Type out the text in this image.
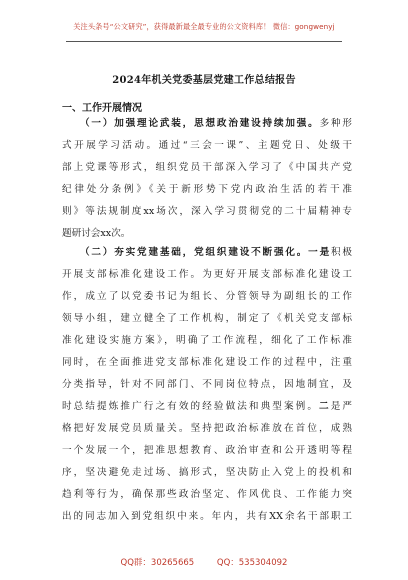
关注头条号“公文研究”，获得最新最全最专业的公文资料库！ 微信：gongwenyj
2024年机关党委基层党建工作总结报告
一、工作开展情况
（一）加强理论武装，思想政治建设持续加强。多种形
式开展学习活动。通过“三会一课”、主题党日、处级干
部上党课等形式，组织党员干部深入学习了《中国共产党
纪律处分条例》《关于新形势下党内政治生活的若干准
则》等法规制度xx场次，深入学习贯彻党的二十届精神专
题研讨会xx次。
（二）夯实党建基础，党组织建设不断强化。一是积极
开展支部标准化建设工作。为更好开展支部标准化建设工
作，成立了以党委书记为组长、分管领导为副组长的工作
领导小组，建立健全了工作机构，制定了《机关党支部标
准化建设实施方案》，明确了工作流程，细化了工作标准
同时，在全面推进党支部标准化建设工作的过程中，注重
分类指导，针对不同部门、不同岗位特点，因地制宜，及
时总结提炼推广行之有效的经验做法和典型案例。二是严
格把好发展党员质量关。坚持把政治标准放在首位，成熟
一个发展一个，把准思想教育、政治审查和公开透明等程
序，坚决避免走过场、搞形式，坚决防止入党上的投机和
趋利等行为，确保那些政治坚定、作风优良、工作能力突
出的同志加入到党组织中来。年内，共有XX余名干部职工
QQ群：30265665	QQ：535304092
